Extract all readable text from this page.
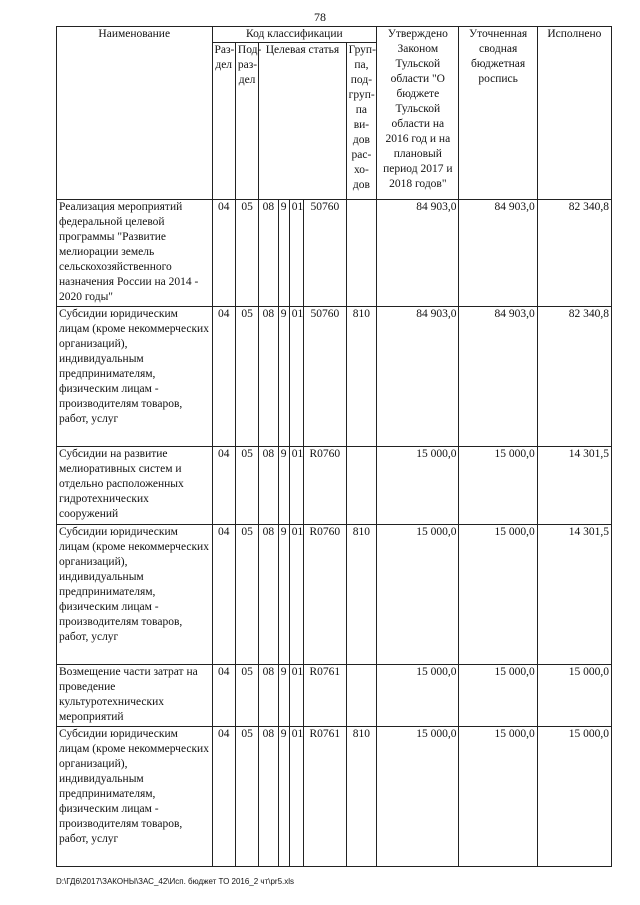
78
Наименование	Код классификации							Утверждено Законом Тульской области "О бюджете Тульской области на 2016 год и на плановый период 2017 и 2018 годов"	Уточненная сводная бюджетная роспись	Исполнено
	Раз-дел	Под-раз-дел	Целевая статья				Груп-па, под-груп-па ви-дов рас-хо-дов			
Реализация мероприятий федеральной целевой программы "Развитие мелиорации земель сельскохозяйственного назначения России на 2014 - 2020 годы"	04	05	08	9	01	50760		84 903,0	84 903,0	82 340,8
Субсидии юридическим лицам (кроме некоммерческих организаций), индивидуальным предпринимателям, физическим лицам - производителям товаров, работ, услуг	04	05	08	9	01	50760	810	84 903,0	84 903,0	82 340,8
Субсидии на развитие мелиоративных систем и отдельно расположенных гидротехнических сооружений	04	05	08	9	01	R0760		15 000,0	15 000,0	14 301,5
Субсидии юридическим лицам (кроме некоммерческих организаций), индивидуальным предпринимателям, физическим лицам - производителям товаров, работ, услуг	04	05	08	9	01	R0760	810	15 000,0	15 000,0	14 301,5
Возмещение части затрат на проведение культуротехнических мероприятий	04	05	08	9	01	R0761		15 000,0	15 000,0	15 000,0
Субсидии юридическим лицам (кроме некоммерческих организаций), индивидуальным предпринимателям, физическим лицам - производителям товаров, работ, услуг	04	05	08	9	01	R0761	810	15 000,0	15 000,0	15 000,0
D:\ГД6\2017\ЗАКОНЫ\ЗАС_42\Исп. бюджет ТО 2016_2 чт\pr5.xls
